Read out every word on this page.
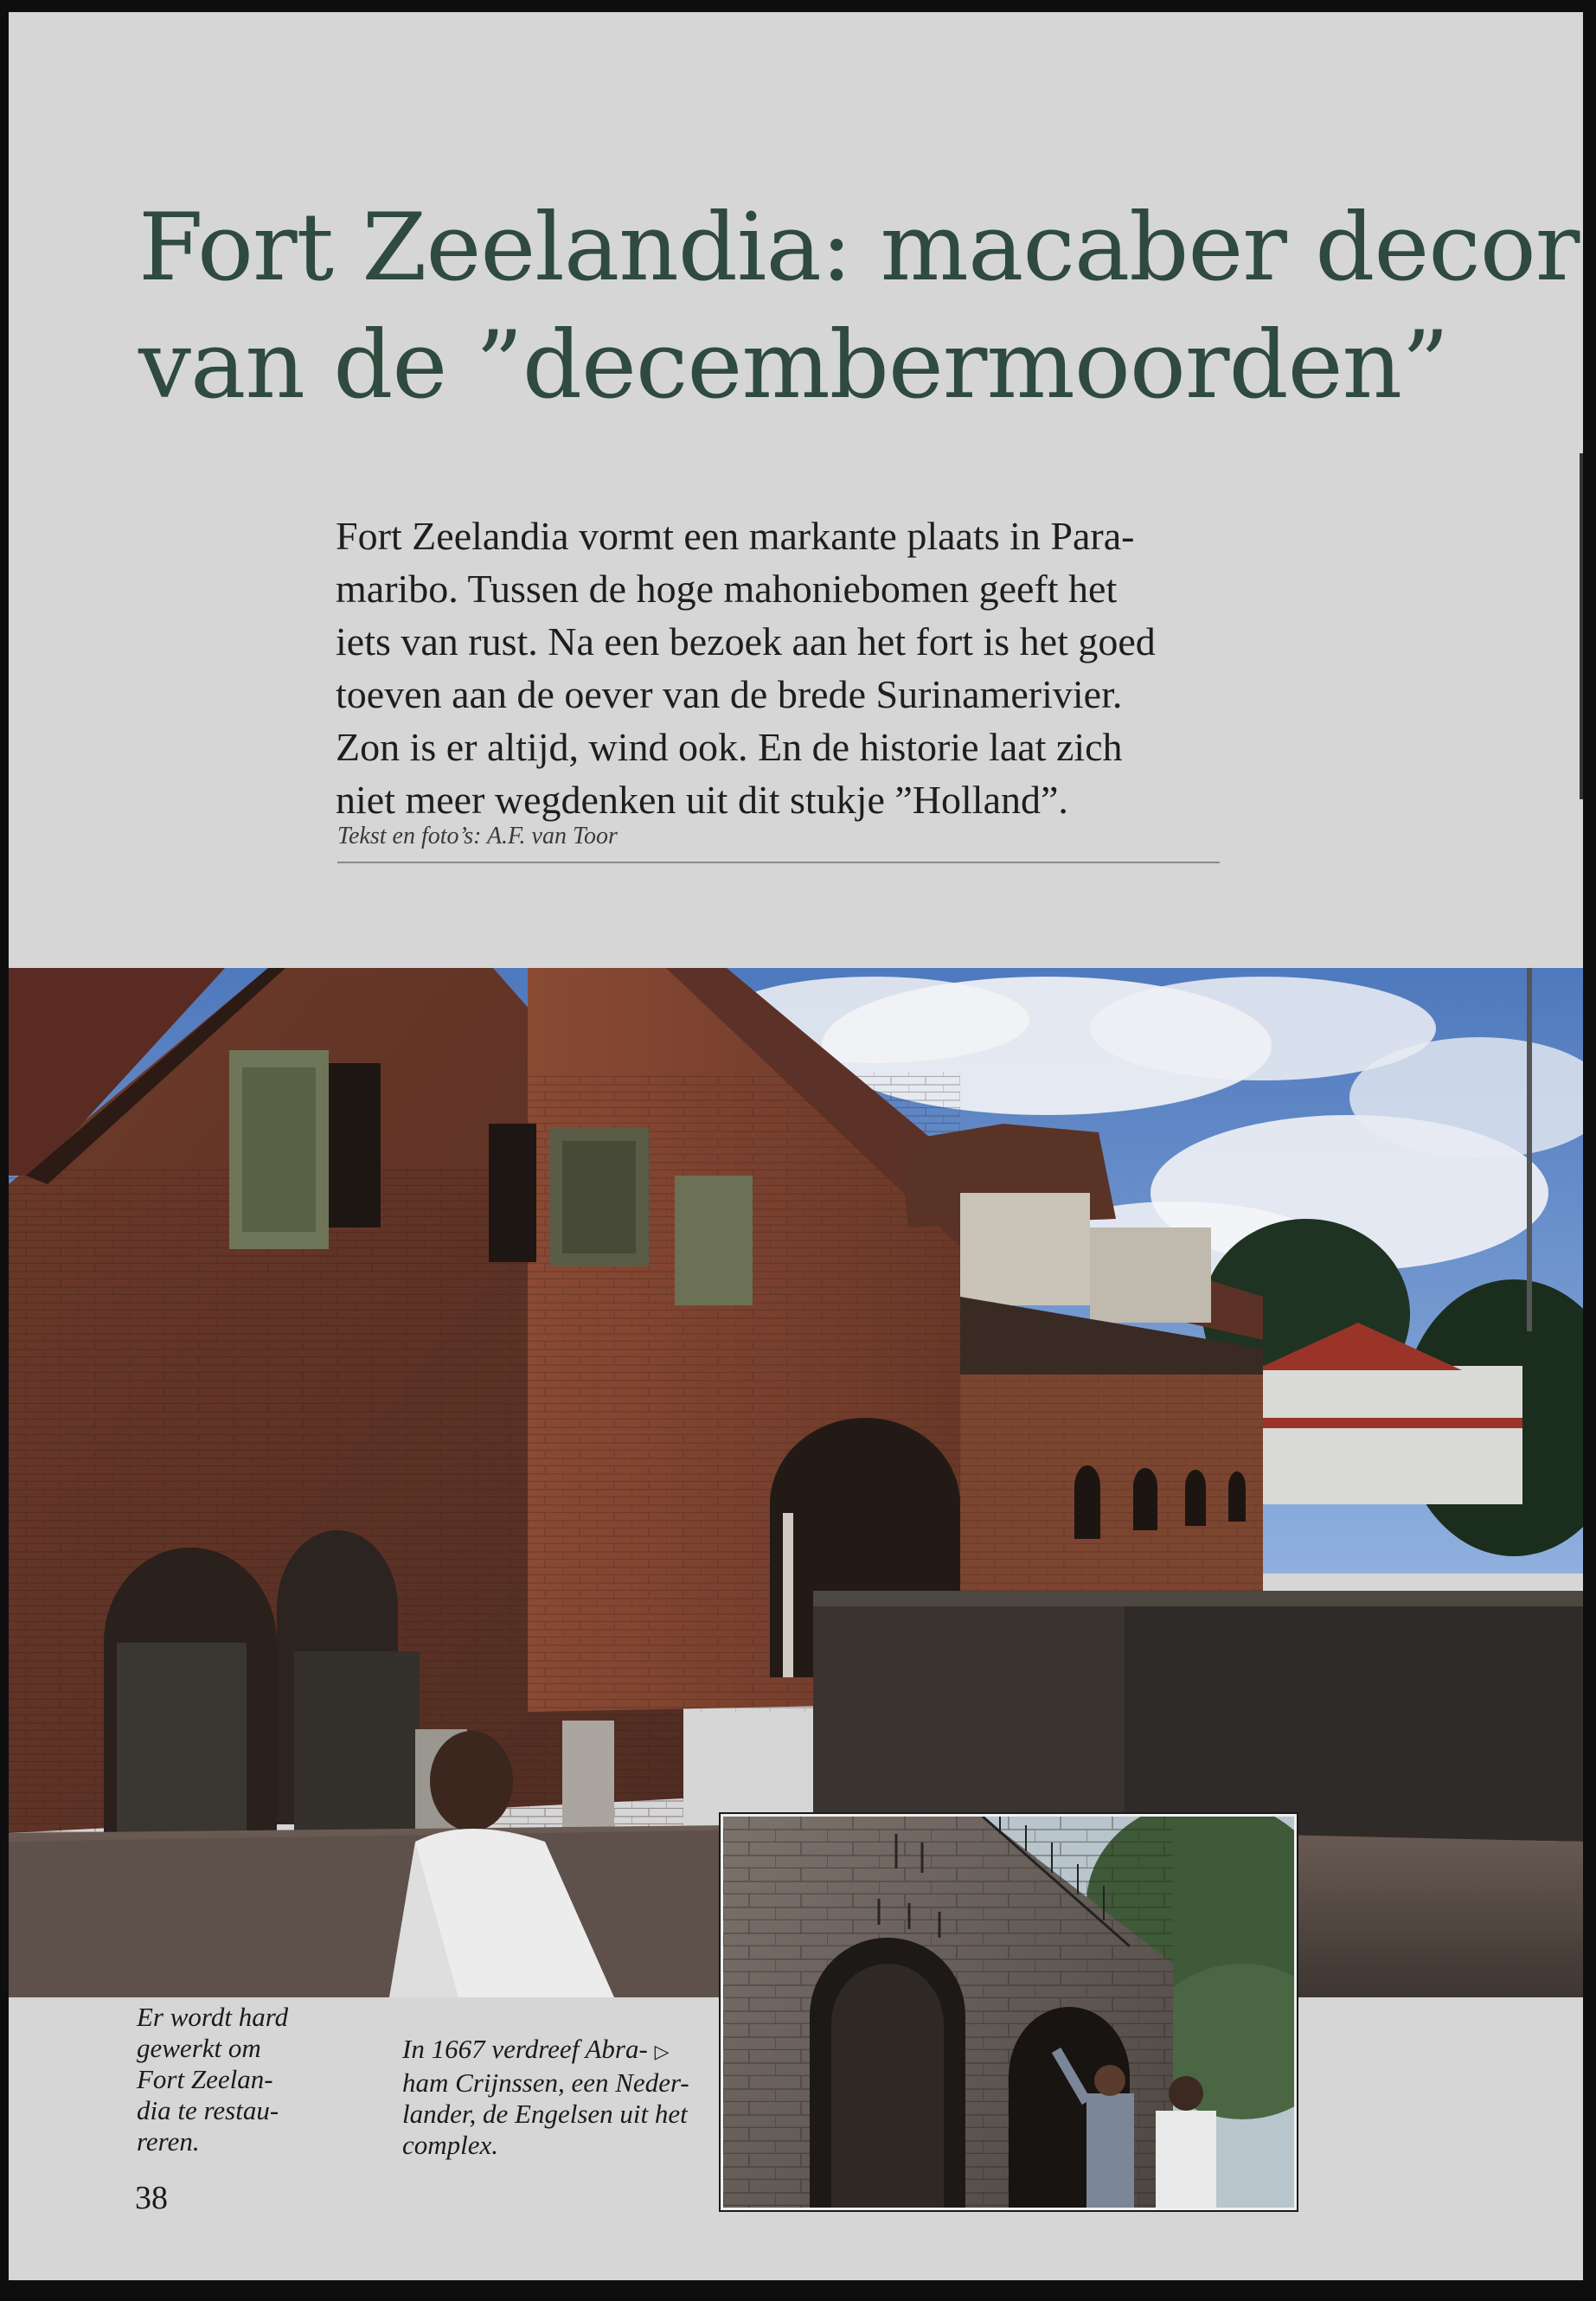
Fort Zeelandia: macaber decor
van de ”decembermoorden”

Fort Zeelandia vormt een markante plaats in Para-
maribo. Tussen de hoge mahoniebomen geeft het
iets van rust. Na een bezoek aan het fort is het goed
toeven aan de oever van de brede Surinamerivier.
Zon is er altijd, wind ook. En de historie laat zich
niet meer wegdenken uit dit stukje ”Holland”.

Tekst en foto’s: A.F. van Toor

Er wordt hard
gewerkt om
Fort Zeelan-
dia te restau-
reren.

In 1667 verdreef Abra- ▷
ham Crijnssen, een Neder-
lander, de Engelsen uit het
complex.

38
